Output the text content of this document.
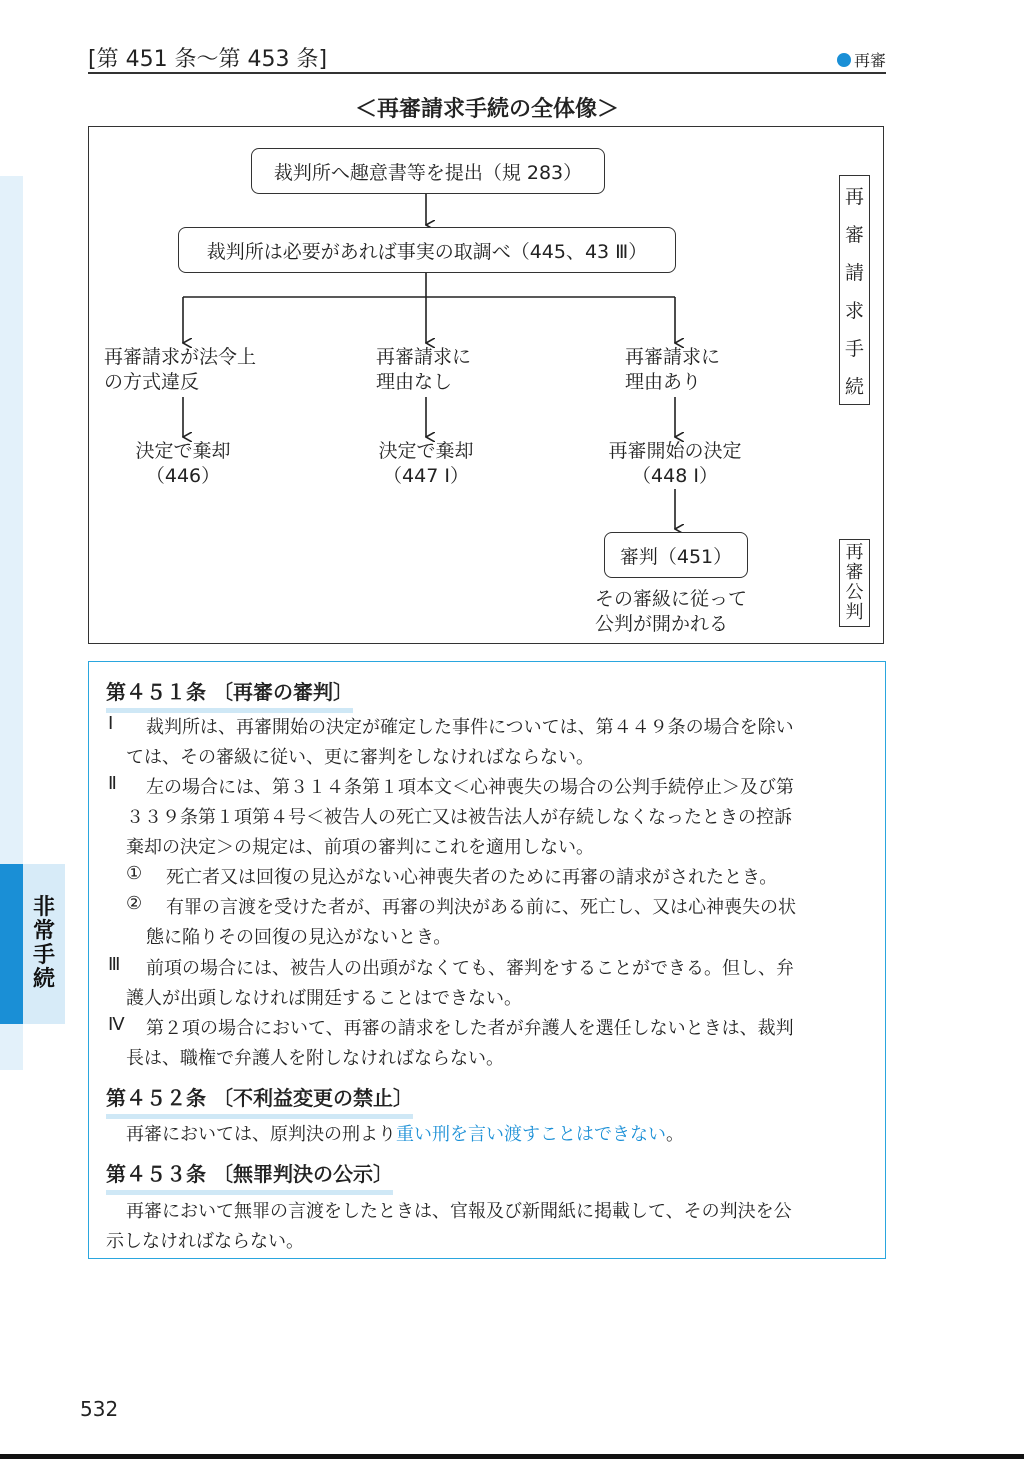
非
常
手
続
[第 451 条～第 453 条]	再審
＜再審請求手続の全体像＞
裁判所へ趣意書等を提出（規 283）
裁判所は必要があれば事実の取調べ（445、43 Ⅲ）
再審請求が法令上
の方式違反
再審請求に
理由なし
再審請求に
理由あり
決定で棄却
（446）
決定で棄却
（447 Ⅰ）
再審開始の決定
（448 Ⅰ）
審判（451）
その審級に従って
公判が開かれる
再
審
請
求
手
続
再
審
公
判
第４５１条 〔再審の審判〕
Ⅰ 裁判所は、再審開始の決定が確定した事件については、第４４９条の場合を除い
ては、その審級に従い、更に審判をしなければならない。
Ⅱ 左の場合には、第３１４条第１項本文＜心神喪失の場合の公判手続停止＞及び第
３３９条第１項第４号＜被告人の死亡又は被告法人が存続しなくなったときの控訴
棄却の決定＞の規定は、前項の審判にこれを適用しない。
① 死亡者又は回復の見込がない心神喪失者のために再審の請求がされたとき。
② 有罪の言渡を受けた者が、再審の判決がある前に、死亡し、又は心神喪失の状
態に陥りその回復の見込がないとき。
Ⅲ 前項の場合には、被告人の出頭がなくても、審判をすることができる。但し、弁
護人が出頭しなければ開廷することはできない。
Ⅳ 第２項の場合において、再審の請求をした者が弁護人を選任しないときは、裁判
長は、職権で弁護人を附しなければならない。
第４５２条 〔不利益変更の禁止〕
再審においては、原判決の刑より重い刑を言い渡すことはできない。
第４５３条 〔無罪判決の公示〕
再審において無罪の言渡をしたときは、官報及び新聞紙に掲載して、その判決を公
示しなければならない。
532
